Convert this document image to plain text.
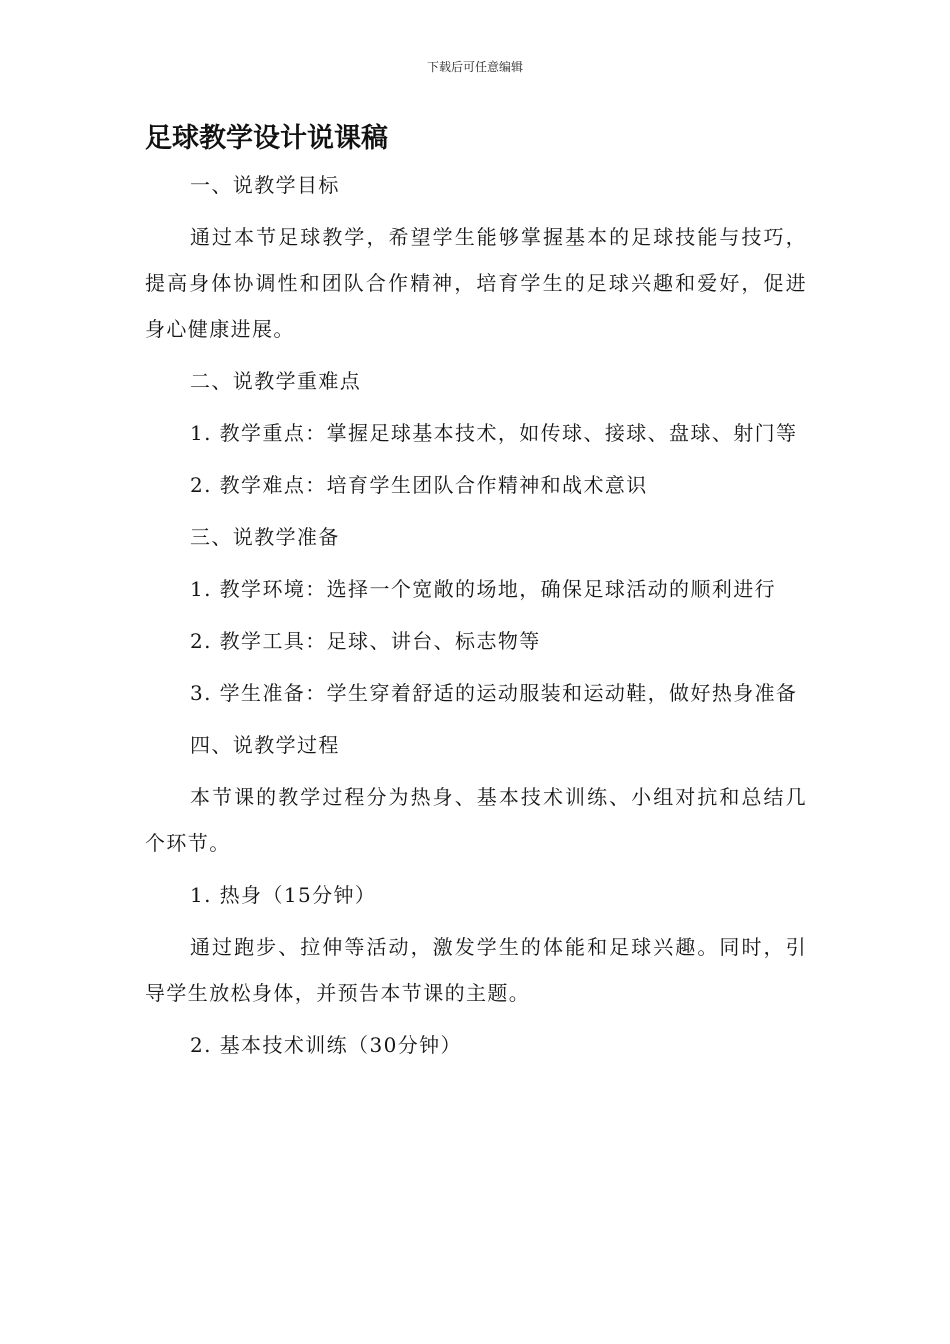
下载后可任意编辑
足球教学设计说课稿

一、说教学目标

通过本节足球教学，希望学生能够掌握基本的足球技能与技巧，提高身体协调性和团队合作精神，培育学生的足球兴趣和爱好，促进身心健康进展。

二、说教学重难点

1. 教学重点：掌握足球基本技术，如传球、接球、盘球、射门等

2. 教学难点：培育学生团队合作精神和战术意识

三、说教学准备

1. 教学环境：选择一个宽敞的场地，确保足球活动的顺利进行

2. 教学工具：足球、讲台、标志物等

3. 学生准备：学生穿着舒适的运动服装和运动鞋，做好热身准备

四、说教学过程

本节课的教学过程分为热身、基本技术训练、小组对抗和总结几个环节。

1. 热身（15分钟）

通过跑步、拉伸等活动，激发学生的体能和足球兴趣。同时，引导学生放松身体，并预告本节课的主题。

2. 基本技术训练（30分钟）
